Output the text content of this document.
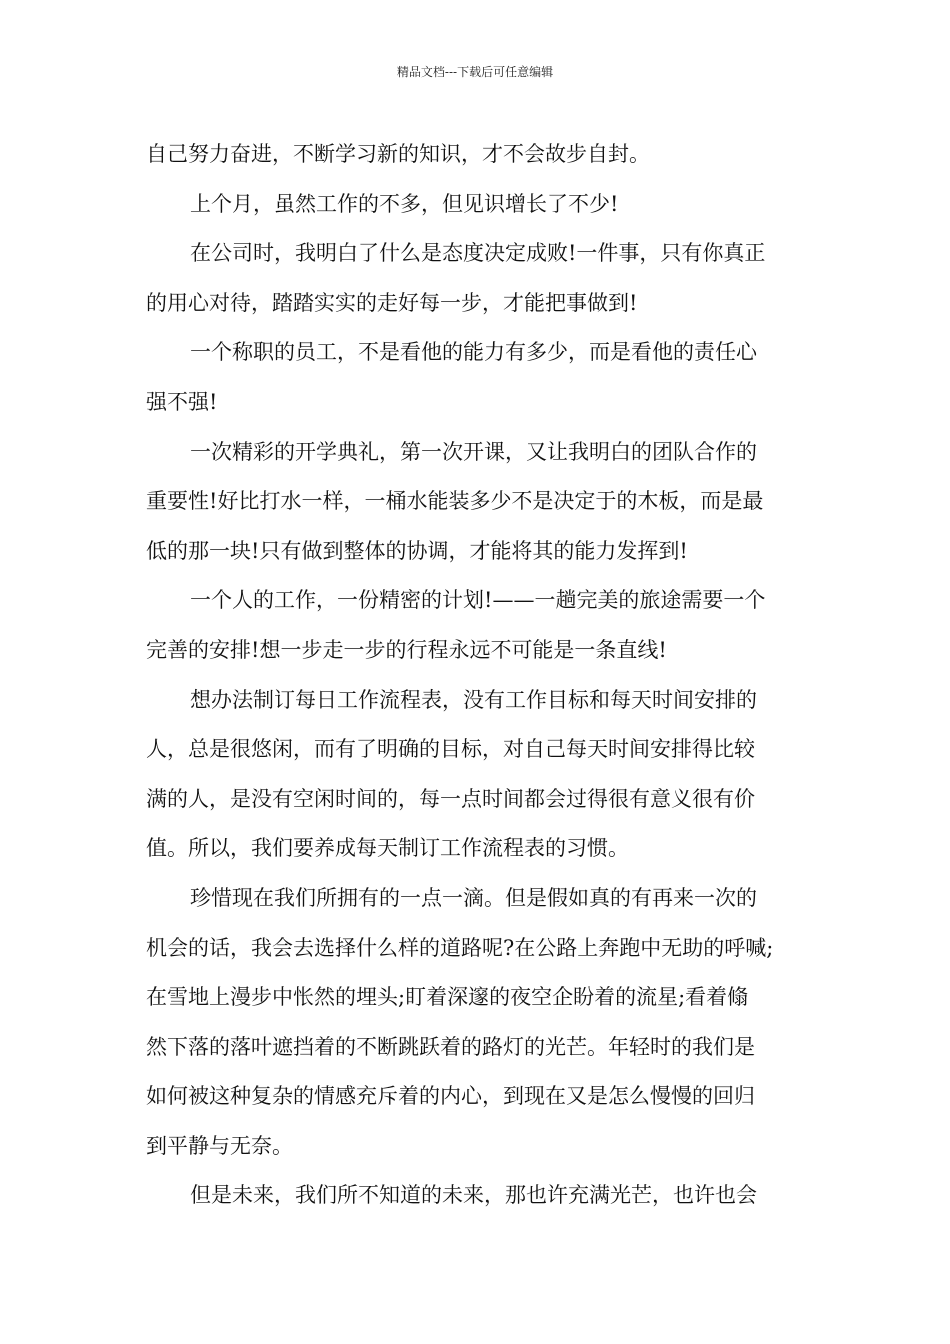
精品文档---下载后可任意编辑
自己努力奋进，不断学习新的知识，才不会故步自封。
上个月，虽然工作的不多，但见识增长了不少!
在公司时，我明白了什么是态度决定成败!一件事，只有你真正
的用心对待，踏踏实实的走好每一步，才能把事做到!
一个称职的员工，不是看他的能力有多少，而是看他的责任心
强不强!
一次精彩的开学典礼，第一次开课，又让我明白的团队合作的
重要性!好比打水一样，一桶水能装多少不是决定于的木板，而是最
低的那一块!只有做到整体的协调，才能将其的能力发挥到!
一个人的工作，一份精密的计划!——一趟完美的旅途需要一个
完善的安排!想一步走一步的行程永远不可能是一条直线!
想办法制订每日工作流程表，没有工作目标和每天时间安排的
人，总是很悠闲，而有了明确的目标，对自己每天时间安排得比较
满的人，是没有空闲时间的，每一点时间都会过得很有意义很有价
值。所以，我们要养成每天制订工作流程表的习惯。
珍惜现在我们所拥有的一点一滴。但是假如真的有再来一次的
机会的话，我会去选择什么样的道路呢?在公路上奔跑中无助的呼喊;
在雪地上漫步中怅然的埋头;盯着深邃的夜空企盼着的流星;看着翛
然下落的落叶遮挡着的不断跳跃着的路灯的光芒。年轻时的我们是
如何被这种复杂的情感充斥着的内心，到现在又是怎么慢慢的回归
到平静与无奈。
但是未来，我们所不知道的未来，那也许充满光芒，也许也会
